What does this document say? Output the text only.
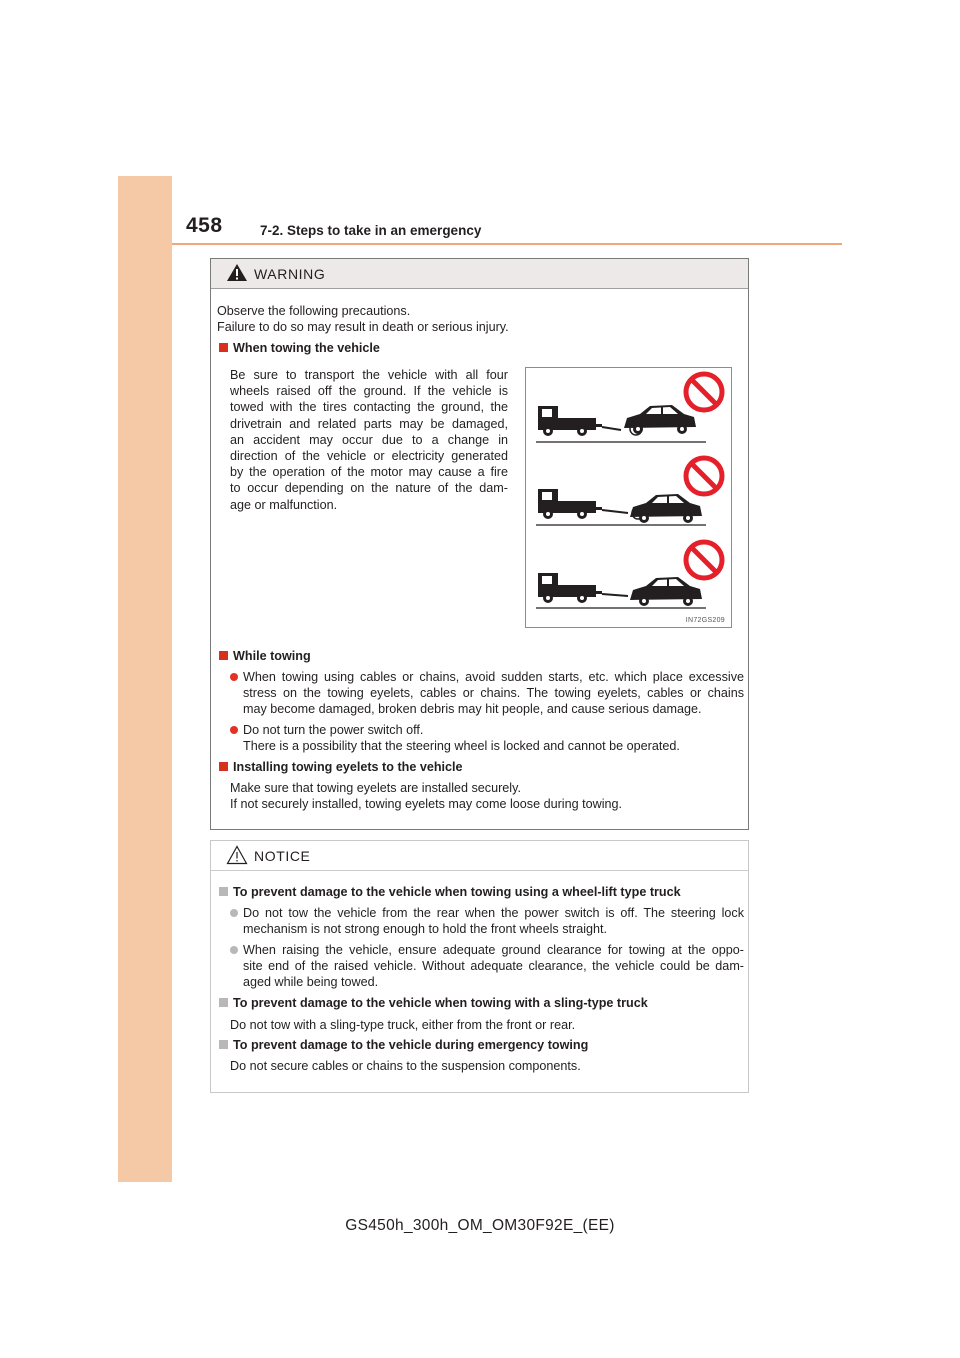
458	7-2. Steps to take in an emergency
WARNING
Observe the following precautions.
Failure to do so may result in death or serious injury.
When towing the vehicle
Be sure to transport the vehicle with all four
wheels raised off the ground. If the vehicle is
towed with the tires contacting the ground, the
drivetrain and related parts may be damaged,
an accident may occur due to a change in
direction of the vehicle or electricity generated
by the operation of the motor may cause a fire
to occur depending on the nature of the dam-
age or malfunction.
IN72GS209
While towing
When towing using cables or chains, avoid sudden starts, etc. which place excessive
stress on the towing eyelets, cables or chains. The towing eyelets, cables or chains
may become damaged, broken debris may hit people, and cause serious damage.
Do not turn the power switch off.
There is a possibility that the steering wheel is locked and cannot be operated.
Installing towing eyelets to the vehicle
Make sure that towing eyelets are installed securely.
If not securely installed, towing eyelets may come loose during towing.
NOTICE
To prevent damage to the vehicle when towing using a wheel-lift type truck
Do not tow the vehicle from the rear when the power switch is off. The steering lock
mechanism is not strong enough to hold the front wheels straight.
When raising the vehicle, ensure adequate ground clearance for towing at the oppo-
site end of the raised vehicle. Without adequate clearance, the vehicle could be dam-
aged while being towed.
To prevent damage to the vehicle when towing with a sling-type truck
Do not tow with a sling-type truck, either from the front or rear.
To prevent damage to the vehicle during emergency towing
Do not secure cables or chains to the suspension components.
GS450h_300h_OM_OM30F92E_(EE)
